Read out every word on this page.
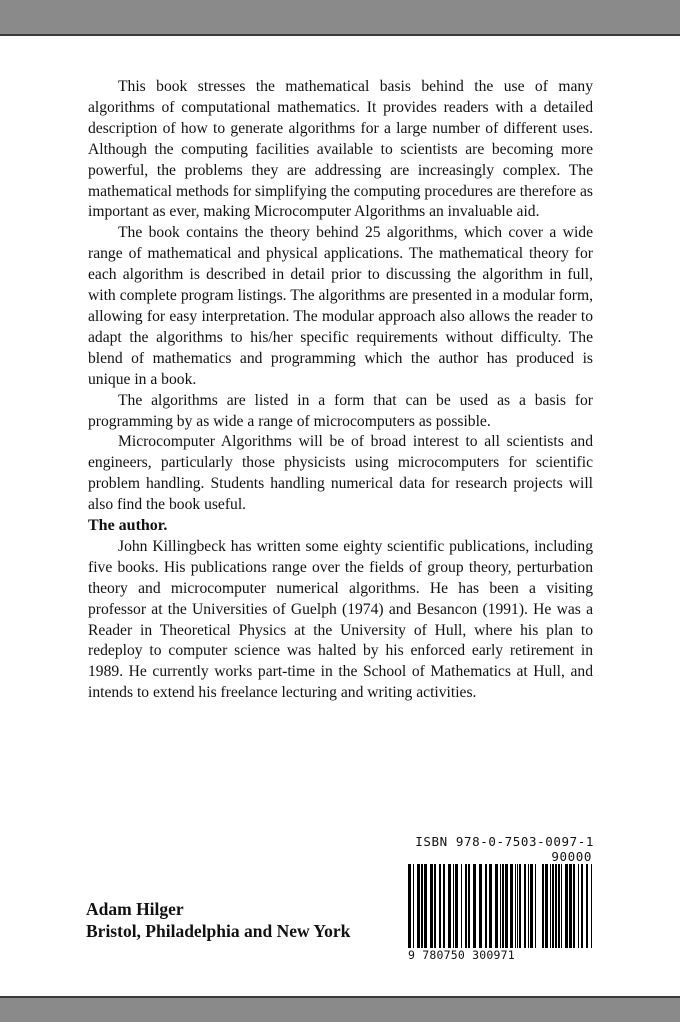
This book stresses the mathematical basis behind the use of many algorithms of computational mathematics. It provides readers with a detailed description of how to generate algorithms for a large number of different uses. Although the computing facilities available to scientists are becoming more powerful, the problems they are addressing are increasingly complex. The mathematical methods for simplifying the computing procedures are therefore as important as ever, making Microcomputer Algorithms an invaluable aid.

The book contains the theory behind 25 algorithms, which cover a wide range of mathematical and physical applications. The mathematical theory for each algorithm is described in detail prior to discussing the algorithm in full, with complete program listings. The algorithms are presented in a modular form, allowing for easy interpretation. The modular approach also allows the reader to adapt the algorithms to his/her specific requirements without difficulty. The blend of mathematics and programming which the author has produced is unique in a book.

The algorithms are listed in a form that can be used as a basis for programming by as wide a range of microcomputers as possible.

Microcomputer Algorithms will be of broad interest to all scientists and engineers, particularly those physicists using microcomputers for scientific problem handling. Students handling numerical data for research projects will also find the book useful.

The author.

John Killingbeck has written some eighty scientific publications, including five books. His publications range over the fields of group theory, perturbation theory and microcomputer numerical algorithms. He has been a visiting professor at the Universities of Guelph (1974) and Besancon (1991). He was a Reader in Theoretical Physics at the University of Hull, where his plan to redeploy to computer science was halted by his enforced early retirement in 1989. He currently works part-time in the School of Mathematics at Hull, and intends to extend his freelance lecturing and writing activities.

Adam Hilger
Bristol, Philadelphia and New York
ISBN 978-0-7503-0097-1
90000
9 780750 300971
